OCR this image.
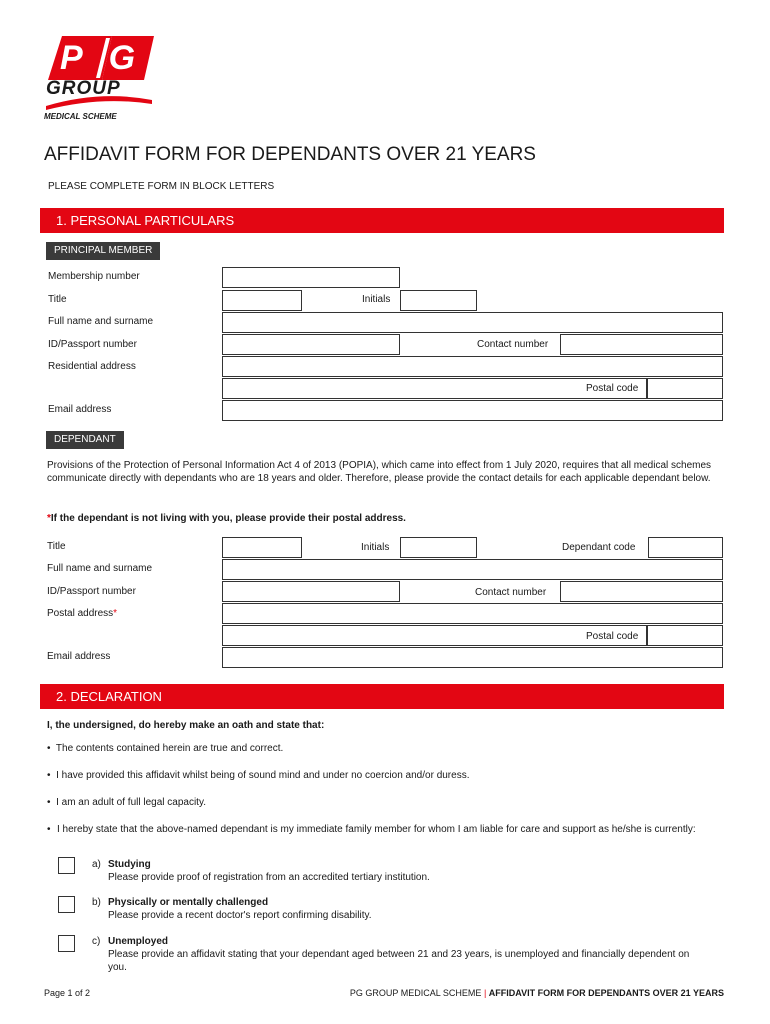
PG
GROUP
MEDICAL SCHEME
AFFIDAVIT FORM FOR DEPENDANTS OVER 21 YEARS
PLEASE COMPLETE FORM IN BLOCK LETTERS
1. PERSONAL PARTICULARS
PRINCIPAL MEMBER
Membership number
Title	Initials
Full name and surname
ID/Passport number	Contact number
Residential address
Postal code
Email address
DEPENDANT
Provisions of the Protection of Personal Information Act 4 of 2013 (POPIA), which came into effect from 1 July 2020, requires that all medical schemes communicate directly with dependants who are 18 years and older. Therefore, please provide the contact details for each applicable dependant below.
*If the dependant is not living with you, please provide their postal address.
Title	Initials	Dependant code
Full name and surname
ID/Passport number	Contact number
Postal address*
Postal code
Email address
2. DECLARATION
I, the undersigned, do hereby make an oath and state that:
• The contents contained herein are true and correct.
• I have provided this affidavit whilst being of sound mind and under no coercion and/or duress.
• I am an adult of full legal capacity.
• I hereby state that the above-named dependant is my immediate family member for whom I am liable for care and support as he/she is currently:
a) Studying
Please provide proof of registration from an accredited tertiary institution.
b) Physically or mentally challenged
Please provide a recent doctor's report confirming disability.
c) Unemployed
Please provide an affidavit stating that your dependant aged between 21 and 23 years, is unemployed and financially dependent on you.
Page 1 of 2	PG GROUP MEDICAL SCHEME | AFFIDAVIT FORM FOR DEPENDANTS OVER 21 YEARS
